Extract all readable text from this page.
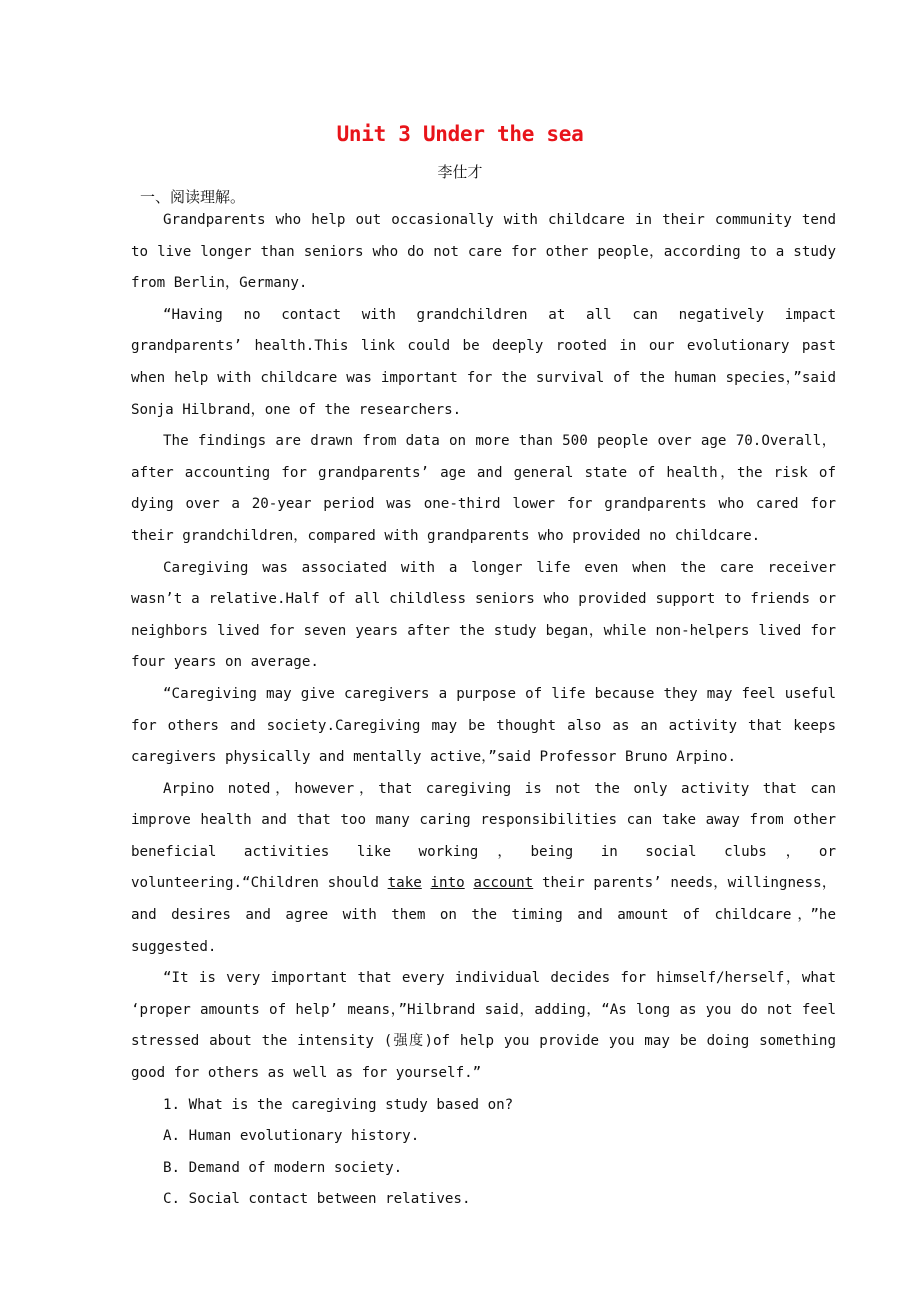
Unit 3 Under the sea
李仕才
一、阅读理解。

Grandparents who help out occasionally with childcare in their community tend to live longer than seniors who do not care for other people，according to a study from Berlin，Germany.

“Having no contact with grandchildren at all can negatively impact grandparents’ health.This link could be deeply rooted in our evolutionary past when help with childcare was important for the survival of the human species，”said Sonja Hilbrand，one of the researchers.

The findings are drawn from data on more than 500 people over age 70.Overall，after accounting for grandparents’ age and general state of health，the risk of dying over a 20-year period was one-third lower for grandparents who cared for their grandchildren，compared with grandparents who provided no childcare.

Caregiving was associated with a longer life even when the care receiver wasn’t a relative.Half of all childless seniors who provided support to friends or neighbors lived for seven years after the study began，while non-helpers lived for four years on average.

“Caregiving may give caregivers a purpose of life because they may feel useful for others and society.Caregiving may be thought also as an activity that keeps caregivers physically and mentally active，”said Professor Bruno Arpino.

Arpino noted，however，that caregiving is not the only activity that can improve health and that too many caring responsibilities can take away from other beneficial activities like working，being in social clubs，or volunteering.“Children should take into account their parents’ needs，willingness，and desires and agree with them on the timing and amount of childcare，”he suggested.

“It is very important that every individual decides for himself/herself，what ‘proper amounts of help’ means，”Hilbrand said，adding，“As long as you do not feel stressed about the intensity (强度)of help you provide you may be doing something good for others as well as for yourself.”

1. What is the caregiving study based on?
A. Human evolutionary history.
B. Demand of modern society.
C. Social contact between relatives.
